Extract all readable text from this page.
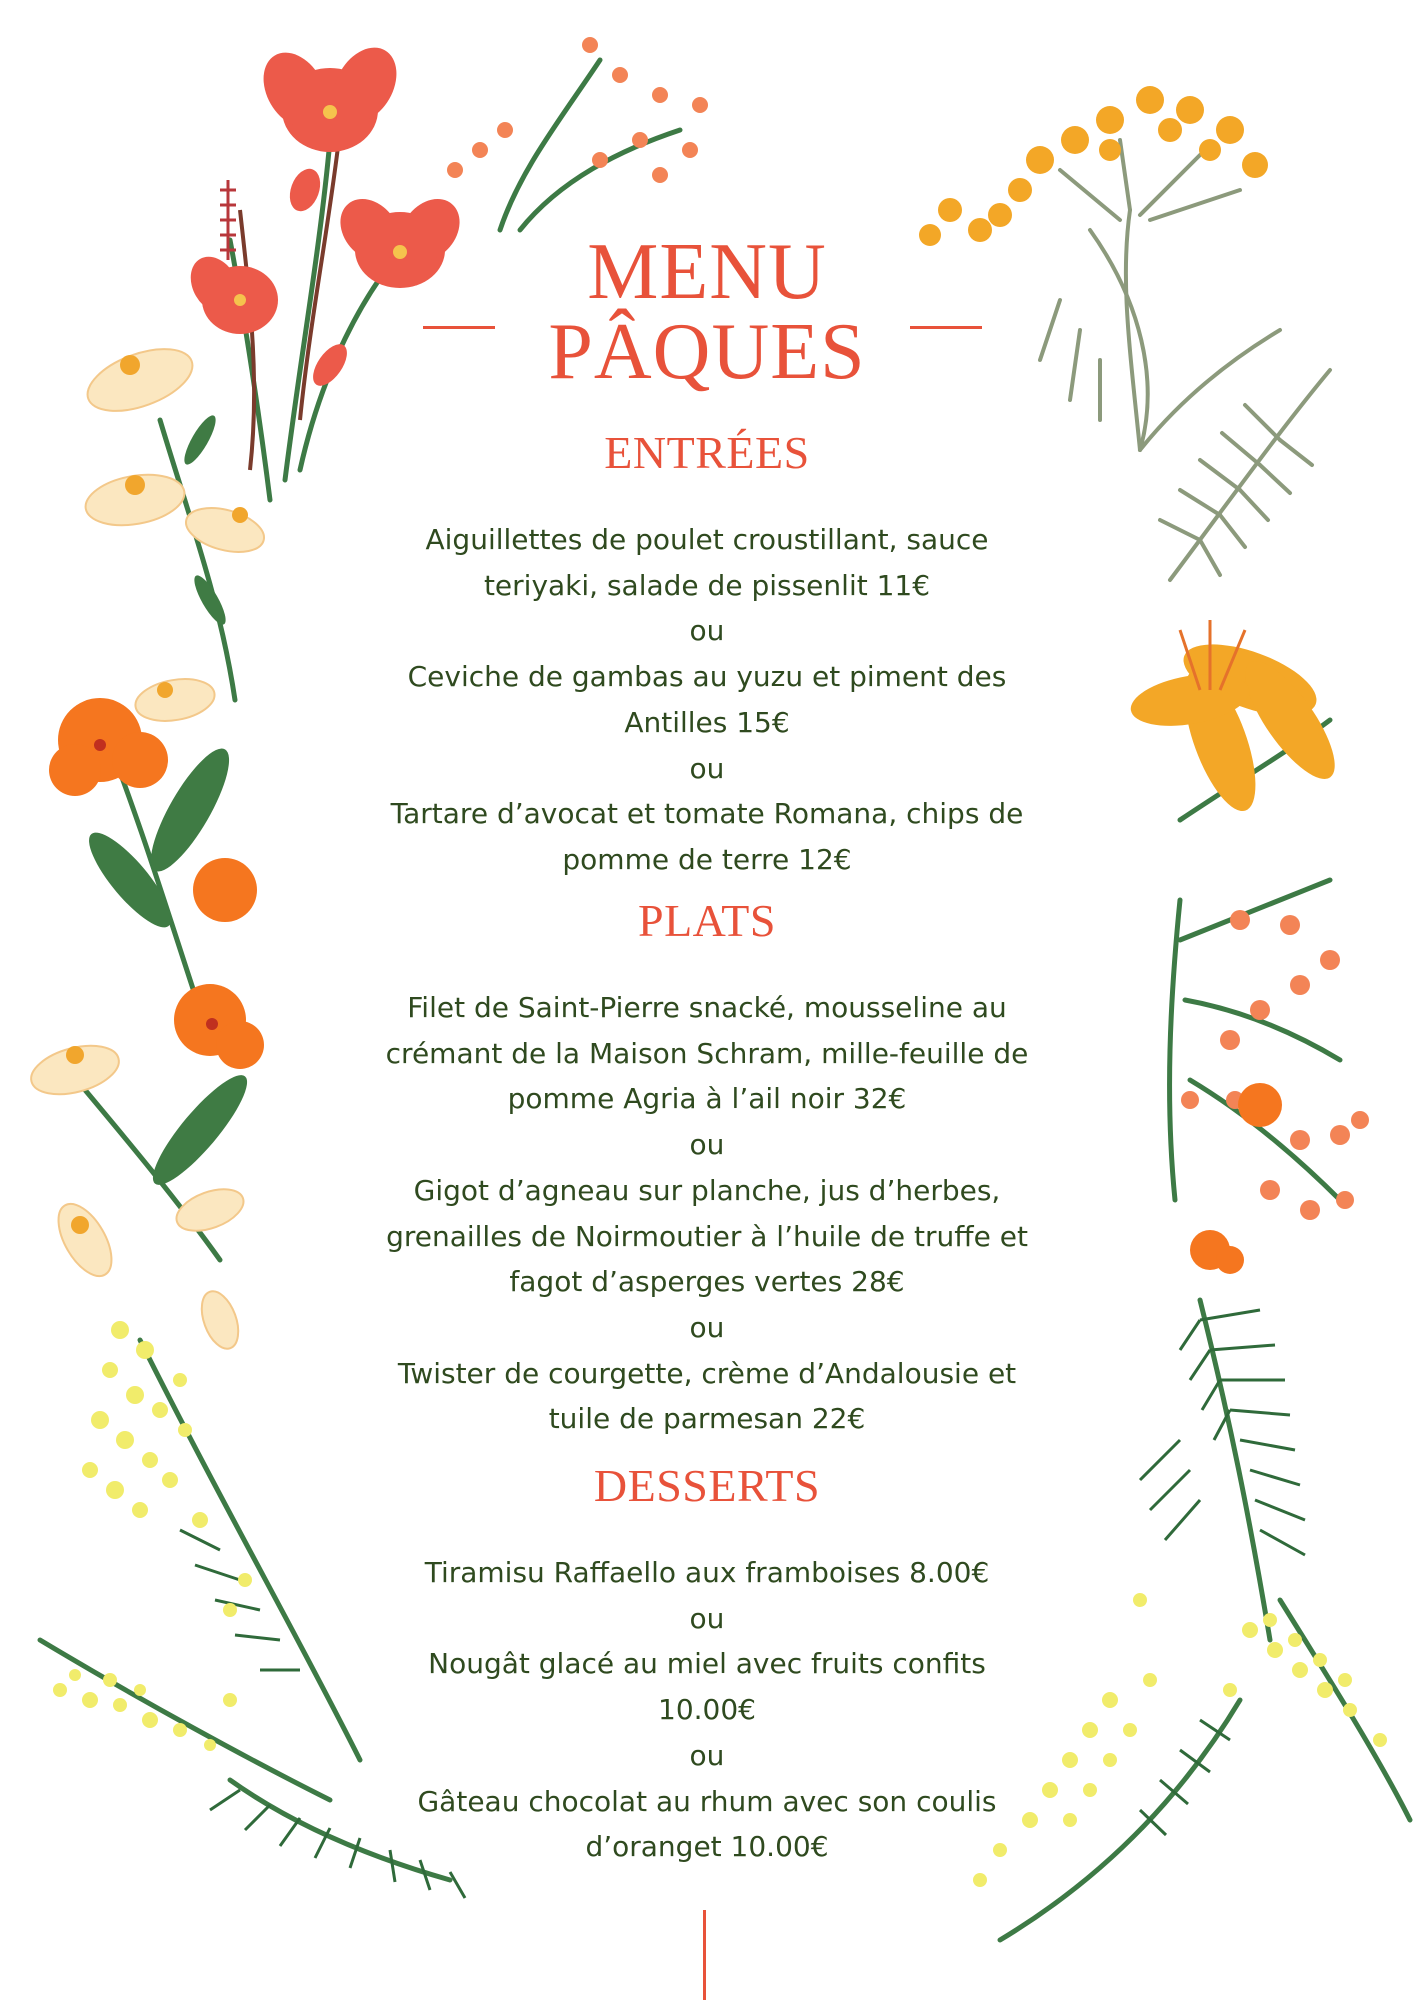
MENU
PÂQUES
ENTRÉES
Aiguillettes de poulet croustillant, sauce
teriyaki, salade de pissenlit 11€
ou
Ceviche de gambas au yuzu et piment des
Antilles 15€
ou
Tartare d’avocat et tomate Romana, chips de
pomme de terre 12€
PLATS
Filet de Saint-Pierre snacké, mousseline au
crémant de la Maison Schram, mille-feuille de
pomme Agria à l’ail noir 32€
ou
Gigot d’agneau sur planche, jus d’herbes,
grenailles de Noirmoutier à l’huile de truffe et
fagot d’asperges vertes 28€
ou
Twister de courgette, crème d’Andalousie et
tuile de parmesan 22€
DESSERTS
Tiramisu Raffaello aux framboises 8.00€
ou
Nougât glacé au miel avec fruits confits
10.00€
ou
Gâteau chocolat au rhum avec son coulis
d’oranget 10.00€
